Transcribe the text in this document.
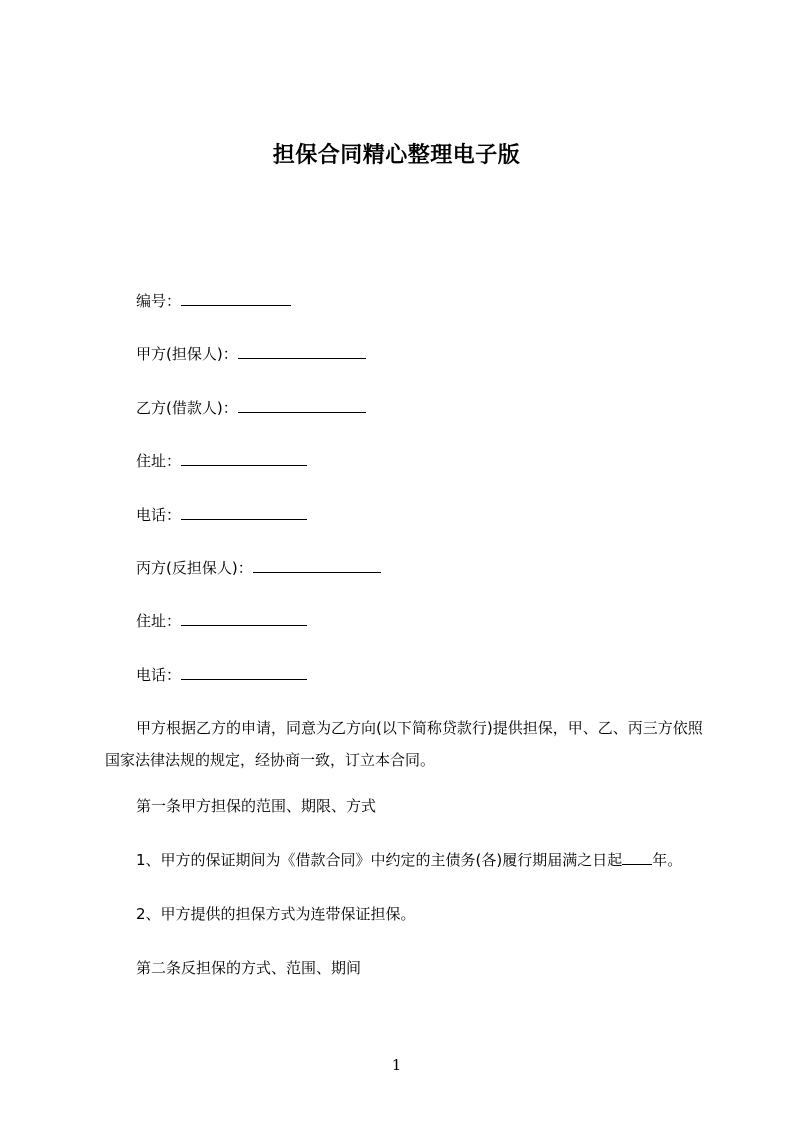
担保合同精心整理电子版
编号：
甲方(担保人)：
乙方(借款人)：
住址：
电话：
丙方(反担保人)：
住址：
电话：
甲方根据乙方的申请，同意为乙方向(以下简称贷款行)提供担保，甲、乙、丙三方依照国家法律法规的规定，经协商一致，订立本合同。
第一条甲方担保的范围、期限、方式
1、甲方的保证期间为《借款合同》中约定的主债务(各)履行期届满之日起 年。
2、甲方提供的担保方式为连带保证担保。
第二条反担保的方式、范围、期间
1
